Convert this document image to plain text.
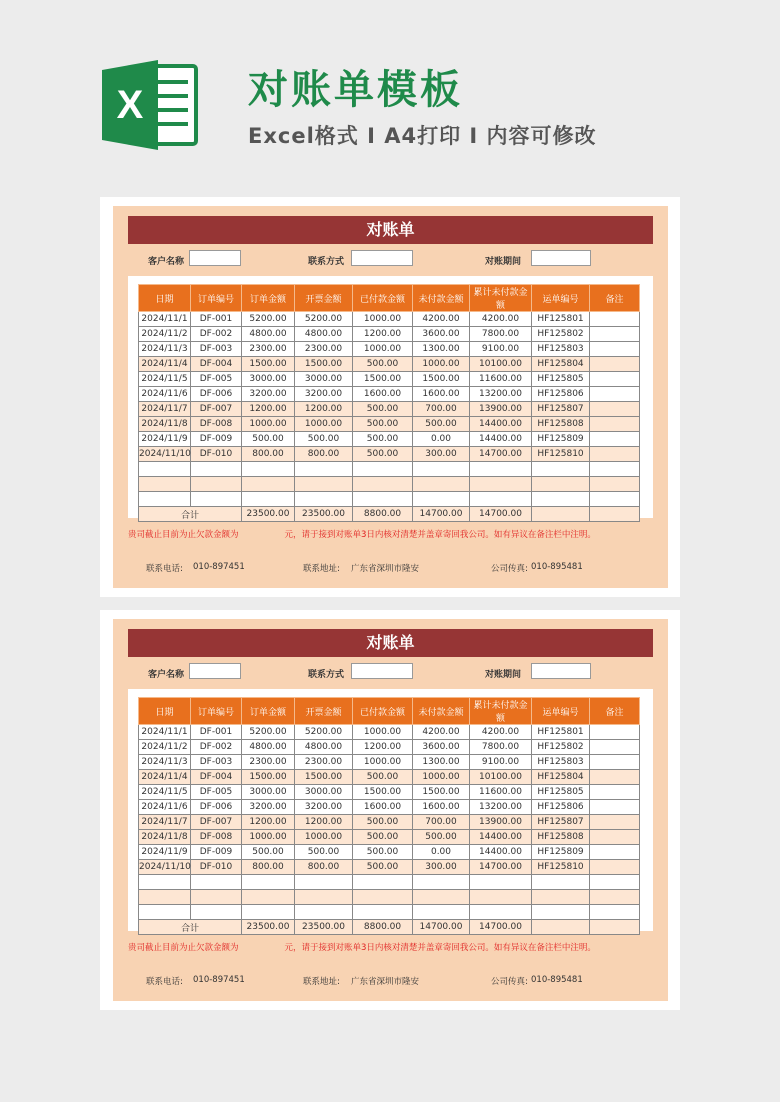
X	对账单模板
Excel格式 I A4打印 I 内容可修改
对账单
客户名称	联系方式	对账期间
日期	订单编号	订单金额	开票金额	已付款金额	未付款金额	累计未付款金额	运单编号	备注
2024/11/1	DF-001	5200.00	5200.00	1000.00	4200.00	4200.00	HF125801	
2024/11/2	DF-002	4800.00	4800.00	1200.00	3600.00	7800.00	HF125802	
2024/11/3	DF-003	2300.00	2300.00	1000.00	1300.00	9100.00	HF125803	
2024/11/4	DF-004	1500.00	1500.00	500.00	1000.00	10100.00	HF125804	
2024/11/5	DF-005	3000.00	3000.00	1500.00	1500.00	11600.00	HF125805	
2024/11/6	DF-006	3200.00	3200.00	1600.00	1600.00	13200.00	HF125806	
2024/11/7	DF-007	1200.00	1200.00	500.00	700.00	13900.00	HF125807	
2024/11/8	DF-008	1000.00	1000.00	500.00	500.00	14400.00	HF125808	
2024/11/9	DF-009	500.00	500.00	500.00	0.00	14400.00	HF125809	
2024/11/10	DF-010	800.00	800.00	500.00	300.00	14700.00	HF125810	

合计		23500.00	23500.00	8800.00	14700.00	14700.00		
贵司截止目前为止欠款金额为	元，请于接到对账单3日内核对清楚并盖章寄回我公司。如有异议在备注栏中注明。
联系电话: 010-897451	联系地址: 广东省深圳市隆安	公司传真: 010-895481
对账单
客户名称	联系方式	对账期间
日期	订单编号	订单金额	开票金额	已付款金额	未付款金额	累计未付款金额	运单编号	备注
2024/11/1	DF-001	5200.00	5200.00	1000.00	4200.00	4200.00	HF125801	
2024/11/2	DF-002	4800.00	4800.00	1200.00	3600.00	7800.00	HF125802	
2024/11/3	DF-003	2300.00	2300.00	1000.00	1300.00	9100.00	HF125803	
2024/11/4	DF-004	1500.00	1500.00	500.00	1000.00	10100.00	HF125804	
2024/11/5	DF-005	3000.00	3000.00	1500.00	1500.00	11600.00	HF125805	
2024/11/6	DF-006	3200.00	3200.00	1600.00	1600.00	13200.00	HF125806	
2024/11/7	DF-007	1200.00	1200.00	500.00	700.00	13900.00	HF125807	
2024/11/8	DF-008	1000.00	1000.00	500.00	500.00	14400.00	HF125808	
2024/11/9	DF-009	500.00	500.00	500.00	0.00	14400.00	HF125809	
2024/11/10	DF-010	800.00	800.00	500.00	300.00	14700.00	HF125810	

合计		23500.00	23500.00	8800.00	14700.00	14700.00		
贵司截止目前为止欠款金额为	元，请于接到对账单3日内核对清楚并盖章寄回我公司。如有异议在备注栏中注明。
联系电话: 010-897451	联系地址: 广东省深圳市隆安	公司传真: 010-895481
